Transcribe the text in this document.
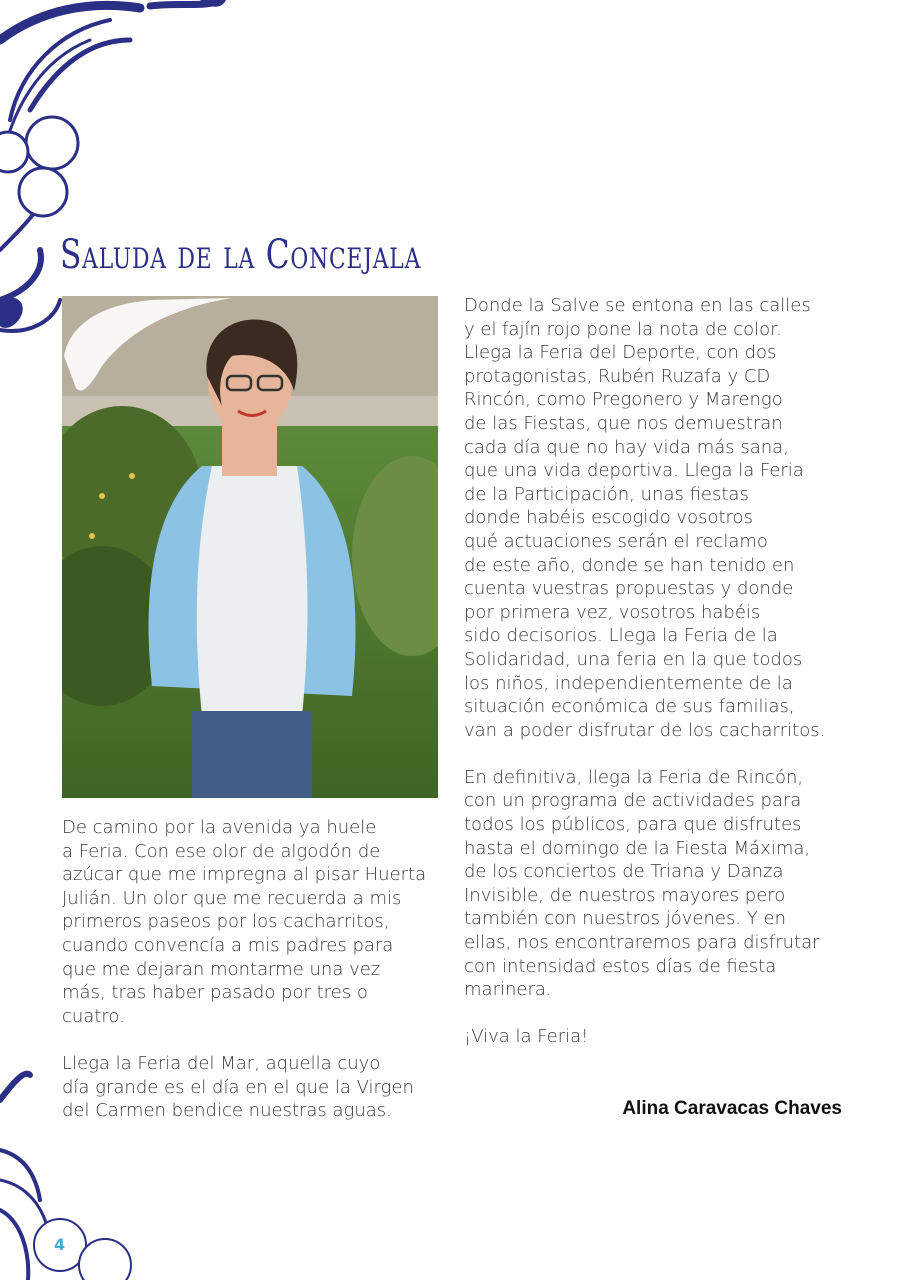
Saluda de la Concejala

De camino por la avenida ya huele
a Feria. Con ese olor de algodón de
azúcar que me impregna al pisar Huerta
Julián. Un olor que me recuerda a mis
primeros paseos por los cacharritos,
cuando convencía a mis padres para
que me dejaran montarme una vez
más, tras haber pasado por tres o
cuatro.

Llega la Feria del Mar, aquella cuyo
día grande es el día en el que la Virgen
del Carmen bendice nuestras aguas.

Donde la Salve se entona en las calles
y el fajín rojo pone la nota de color.
Llega la Feria del Deporte, con dos
protagonistas, Rubén Ruzafa y CD
Rincón, como Pregonero y Marengo
de las Fiestas, que nos demuestran
cada día que no hay vida más sana,
que una vida deportiva. Llega la Feria
de la Participación, unas fiestas
donde habéis escogido vosotros
qué actuaciones serán el reclamo
de este año, donde se han tenido en
cuenta vuestras propuestas y donde
por primera vez, vosotros habéis
sido decisorios. Llega la Feria de la
Solidaridad, una feria en la que todos
los niños, independientemente de la
situación económica de sus familias,
van a poder disfrutar de los cacharritos.

En definitiva, llega la Feria de Rincón,
con un programa de actividades para
todos los públicos, para que disfrutes
hasta el domingo de la Fiesta Máxima,
de los conciertos de Triana y Danza
Invisible, de nuestros mayores pero
también con nuestros jóvenes. Y en
ellas, nos encontraremos para disfrutar
con intensidad estos días de fiesta
marinera.

¡Viva la Feria!

Alina Caravacas Chaves
4
